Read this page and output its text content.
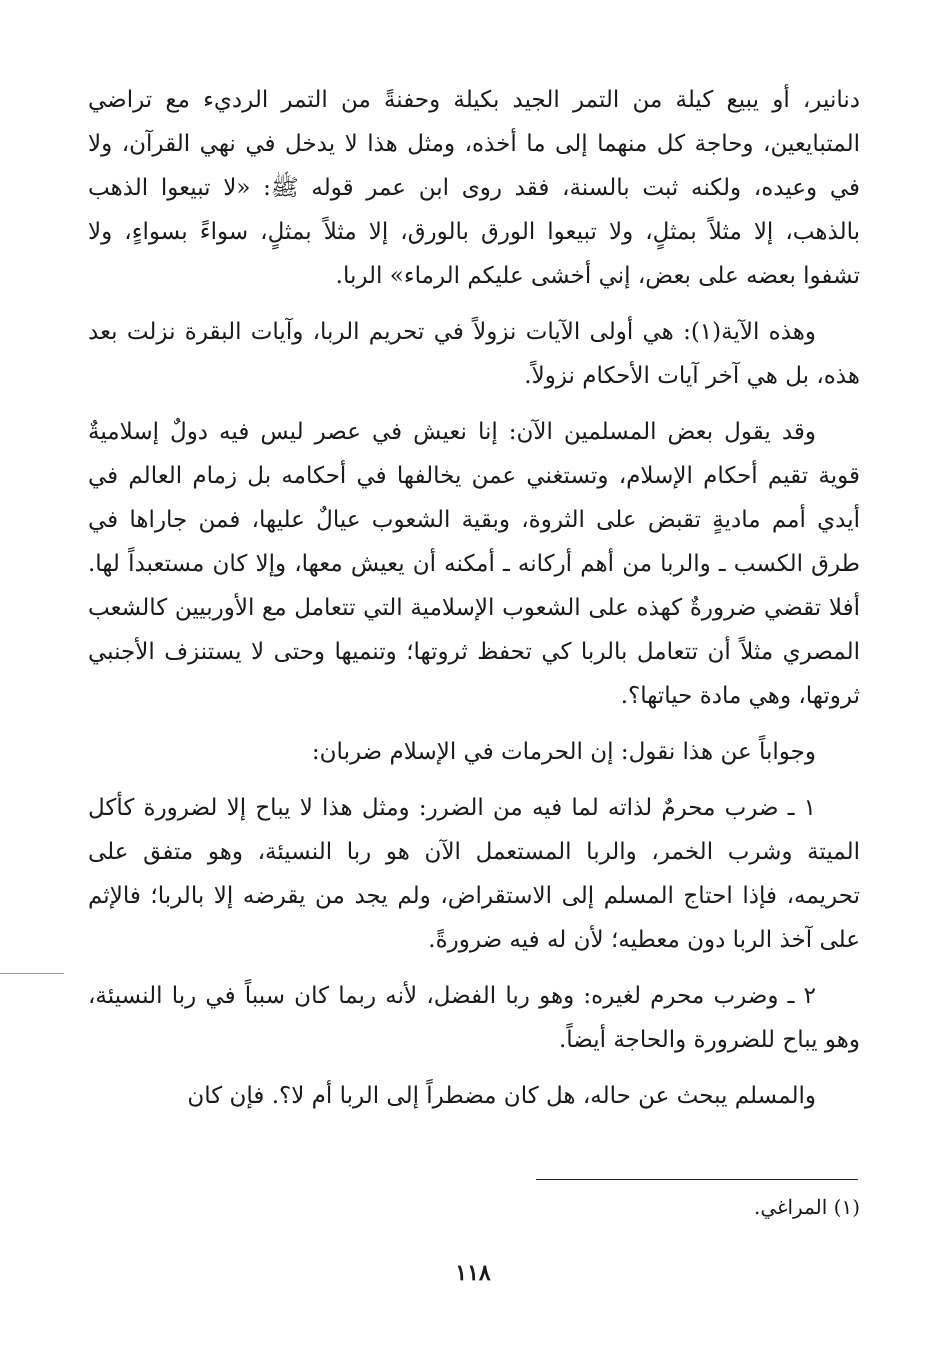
دنانير، أو يبيع كيلة من التمر الجيد بكيلة وحفنةً من التمر الرديء مع تراضي المتبايعين، وحاجة كل منهما إلى ما أخذه، ومثل هذا لا يدخل في نهي القرآن، ولا في وعيده، ولكنه ثبت بالسنة، فقد روى ابن عمر قوله ﷺ: «لا تبيعوا الذهب بالذهب، إلا مثلاً بمثلٍ، ولا تبيعوا الورق بالورق، إلا مثلاً بمثلٍ، سواءً بسواءٍ، ولا تشفوا بعضه على بعض، إني أخشى عليكم الرماء» الربا.

وهذه الآية(١): هي أولى الآيات نزولاً في تحريم الربا، وآيات البقرة نزلت بعد هذه، بل هي آخر آيات الأحكام نزولاً.

وقد يقول بعض المسلمين الآن: إنا نعيش في عصر ليس فيه دولٌ إسلاميةٌ قوية تقيم أحكام الإسلام، وتستغني عمن يخالفها في أحكامه بل زمام العالم في أيدي أمم ماديةٍ تقبض على الثروة، وبقية الشعوب عيالٌ عليها، فمن جاراها في طرق الكسب ـ والربا من أهم أركانه ـ أمكنه أن يعيش معها، وإلا كان مستعبداً لها. أفلا تقضي ضرورةٌ كهذه على الشعوب الإسلامية التي تتعامل مع الأوربيين كالشعب المصري مثلاً أن تتعامل بالربا كي تحفظ ثروتها؛ وتنميها وحتى لا يستنزف الأجنبي ثروتها، وهي مادة حياتها؟.

وجواباً عن هذا نقول: إن الحرمات في الإسلام ضربان:

١ ـ ضرب محرمٌ لذاته لما فيه من الضرر: ومثل هذا لا يباح إلا لضرورة كأكل الميتة وشرب الخمر، والربا المستعمل الآن هو ربا النسيئة، وهو متفق على تحريمه، فإذا احتاج المسلم إلى الاستقراض، ولم يجد من يقرضه إلا بالربا؛ فالإثم على آخذ الربا دون معطيه؛ لأن له فيه ضرورةً.

٢ ـ وضرب محرم لغيره: وهو ربا الفضل، لأنه ربما كان سبباً في ربا النسيئة، وهو يباح للضرورة والحاجة أيضاً.

والمسلم يبحث عن حاله، هل كان مضطراً إلى الربا أم لا؟. فإن كان

(١) المراغي.
١١٨
